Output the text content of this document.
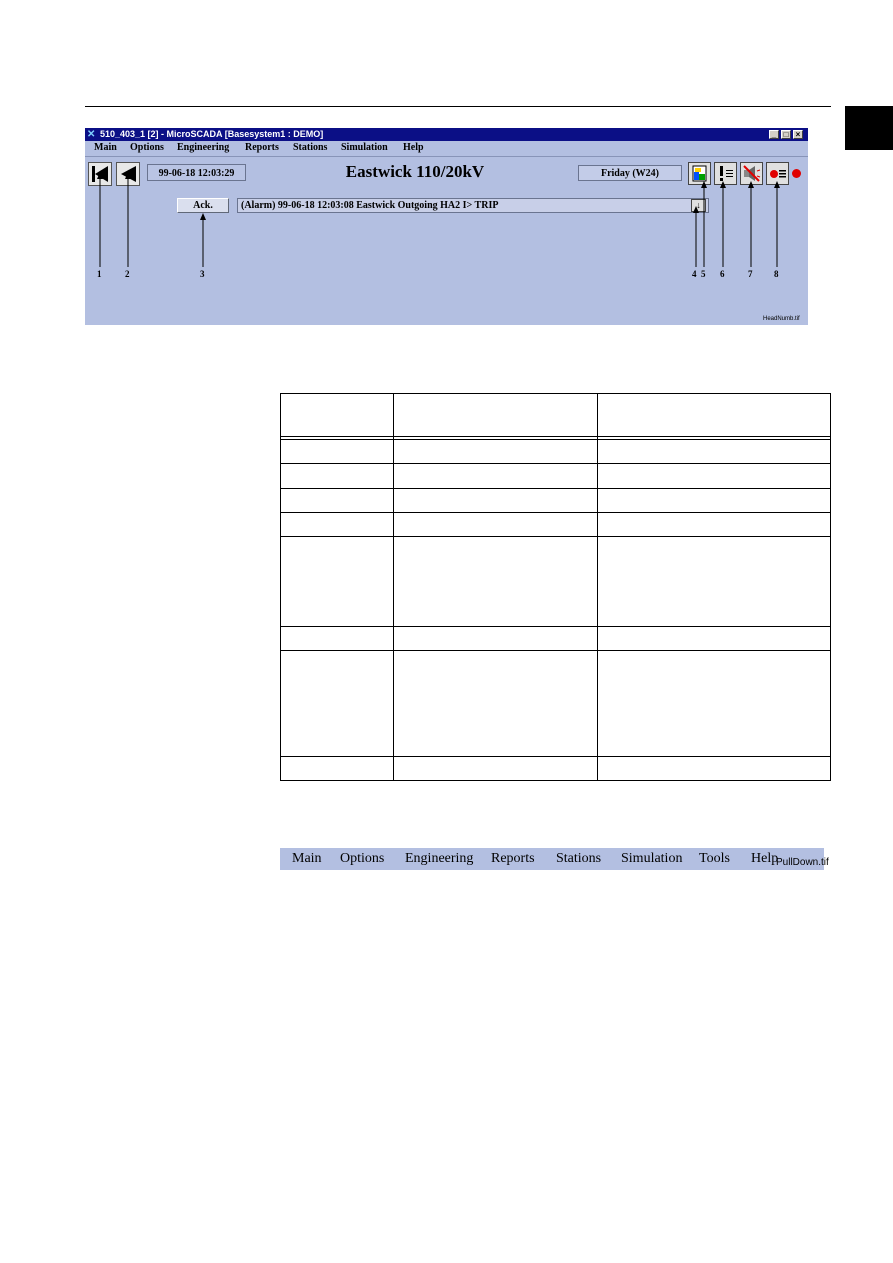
✕ 510_403_1 [2] - MicroSCADA [Basesystem1 : DEMO]	_ □ ×
Main Options Engineering Reports Stations Simulation Help
99-06-18 12:03:29	Eastwick 110/20kV	Friday (W24)
Ack.	(Alarm) 99-06-18 12:03:08 Eastwick Outgoing HA2 I> TRIP	↓
1	2	3	4 5 6	7 8
HeadNumb.tif
Main Options Engineering Reports Stations Simulation Tools Help
PullDown.tif
